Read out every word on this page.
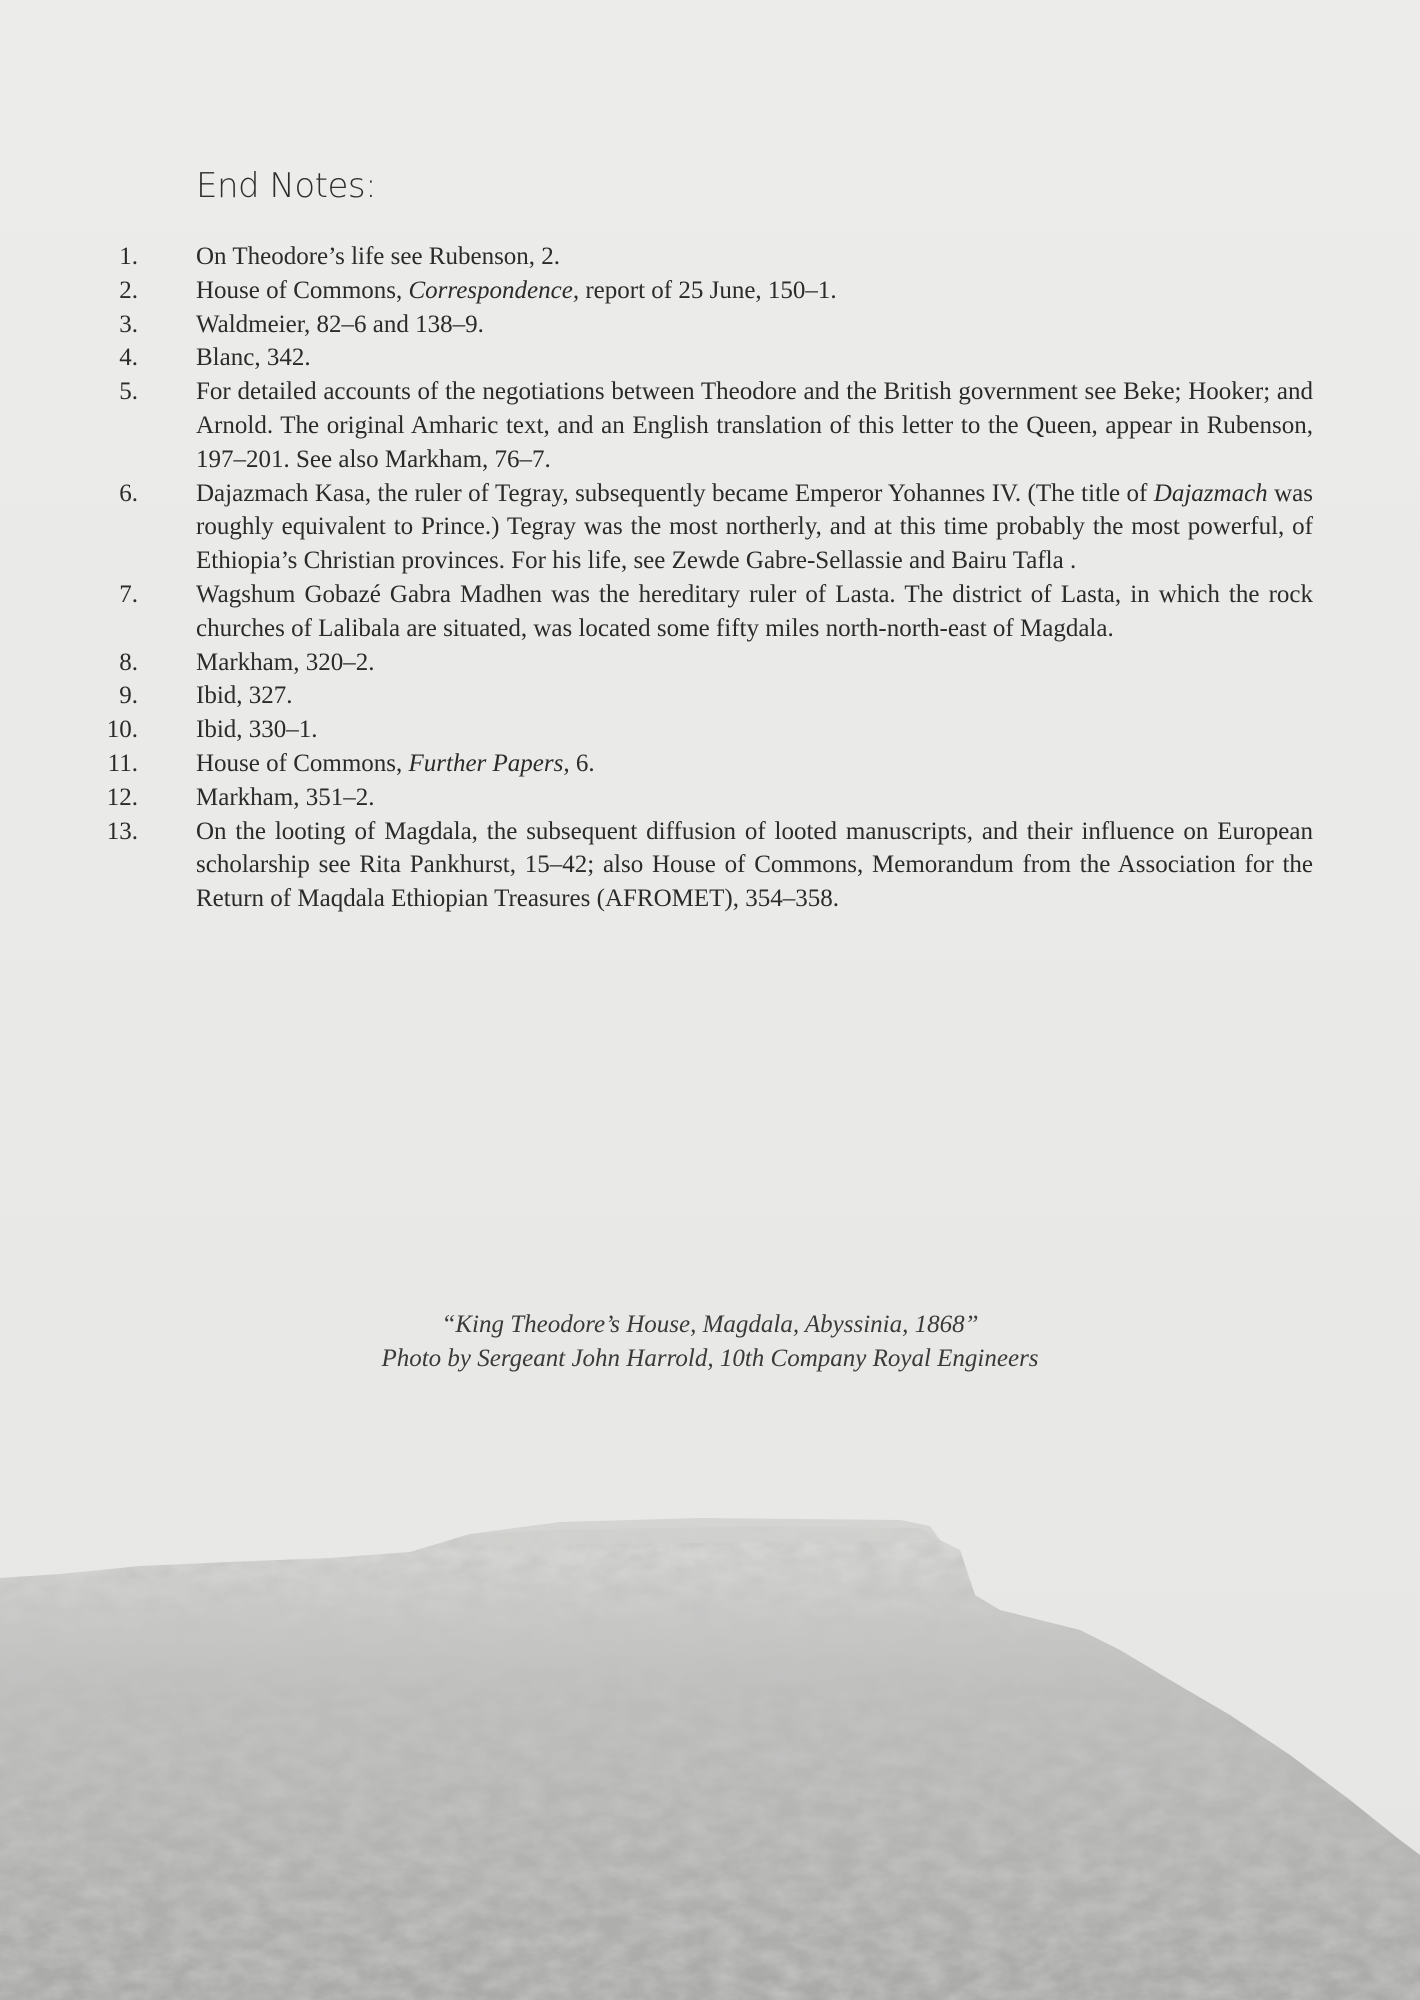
End Notes:
1. On Theodore’s life see Rubenson, 2.
2. House of Commons, Correspondence, report of 25 June, 150–1.
3. Waldmeier, 82–6 and 138–9.
4. Blanc, 342.
5. For detailed accounts of the negotiations between Theodore and the British government see Beke; Hooker; and Arnold. The original Amharic text, and an English translation of this letter to the Queen, appear in Rubenson, 197–201. See also Markham, 76–7.
6. Dajazmach Kasa, the ruler of Tegray, subsequently became Emperor Yohannes IV. (The title of Dajazmach was roughly equivalent to Prince.) Tegray was the most northerly, and at this time probably the most powerful, of Ethiopia’s Christian provinces. For his life, see Zewde Gabre-Sellassie and Bairu Tafla .
7. Wagshum Gobazé Gabra Madhen was the hereditary ruler of Lasta. The district of Lasta, in which the rock churches of Lalibala are situated, was located some fifty miles north-north-east of Magdala.
8. Markham, 320–2.
9. Ibid, 327.
10. Ibid, 330–1.
11. House of Commons, Further Papers, 6.
12. Markham, 351–2.
13. On the looting of Magdala, the subsequent diffusion of looted manuscripts, and their influence on European scholarship see Rita Pankhurst, 15–42; also House of Commons, Memorandum from the Association for the Return of Maqdala Ethiopian Treasures (AFROMET), 354–358.
“King Theodore’s House, Magdala, Abyssinia, 1868”
Photo by Sergeant John Harrold, 10th Company Royal Engineers
